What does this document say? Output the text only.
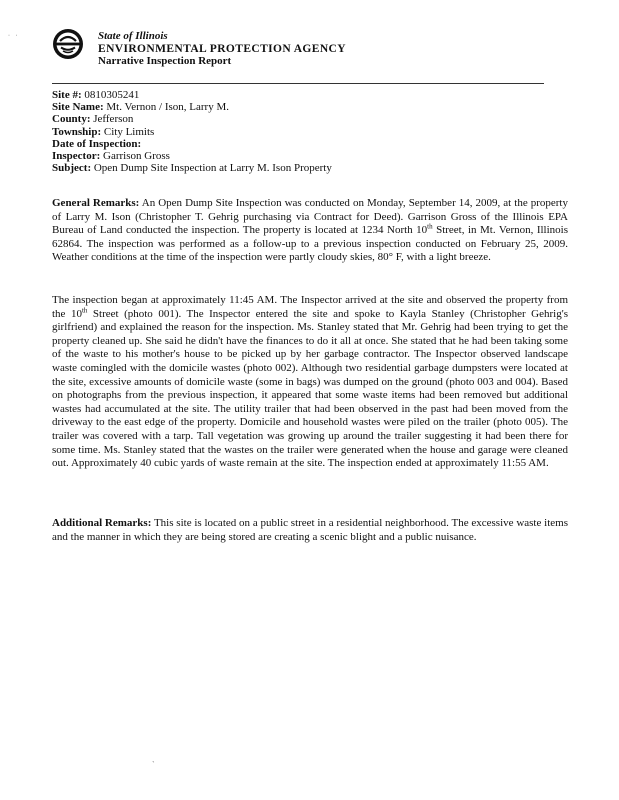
· ·	State of Illinois
ENVIRONMENTAL PROTECTION AGENCY
Narrative Inspection Report
Site #: 0810305241
Site Name: Mt. Vernon / Ison, Larry M.
County: Jefferson
Township: City Limits
Date of Inspection:
Inspector: Garrison Gross
Subject: Open Dump Site Inspection at Larry M. Ison Property
General Remarks: An Open Dump Site Inspection was conducted on Monday, September 14, 2009, at the property of Larry M. Ison (Christopher T. Gehrig purchasing via Contract for Deed). Garrison Gross of the Illinois EPA Bureau of Land conducted the inspection. The property is located at 1234 North 10th Street, in Mt. Vernon, Illinois 62864. The inspection was performed as a follow-up to a previous inspection conducted on February 25, 2009. Weather conditions at the time of the inspection were partly cloudy skies, 80° F, with a light breeze.
The inspection began at approximately 11:45 AM. The Inspector arrived at the site and observed the property from the 10th Street (photo 001). The Inspector entered the site and spoke to Kayla Stanley (Christopher Gehrig's girlfriend) and explained the reason for the inspection. Ms. Stanley stated that Mr. Gehrig had been trying to get the property cleaned up. She said he didn't have the finances to do it all at once. She stated that he had been taking some of the waste to his mother's house to be picked up by her garbage contractor. The Inspector observed landscape waste comingled with the domicile wastes (photo 002). Although two residential garbage dumpsters were located at the site, excessive amounts of domicile waste (some in bags) was dumped on the ground (photo 003 and 004). Based on photographs from the previous inspection, it appeared that some waste items had been removed but additional wastes had accumulated at the site. The utility trailer that had been observed in the past had been moved from the driveway to the east edge of the property. Domicile and household wastes were piled on the trailer (photo 005). The trailer was covered with a tarp. Tall vegetation was growing up around the trailer suggesting it had been there for some time. Ms. Stanley stated that the wastes on the trailer were generated when the house and garage were cleaned out. Approximately 40 cubic yards of waste remain at the site. The inspection ended at approximately 11:55 AM.
Additional Remarks: This site is located on a public street in a residential neighborhood. The excessive waste items and the manner in which they are being stored are creating a scenic blight and a public nuisance.
`
